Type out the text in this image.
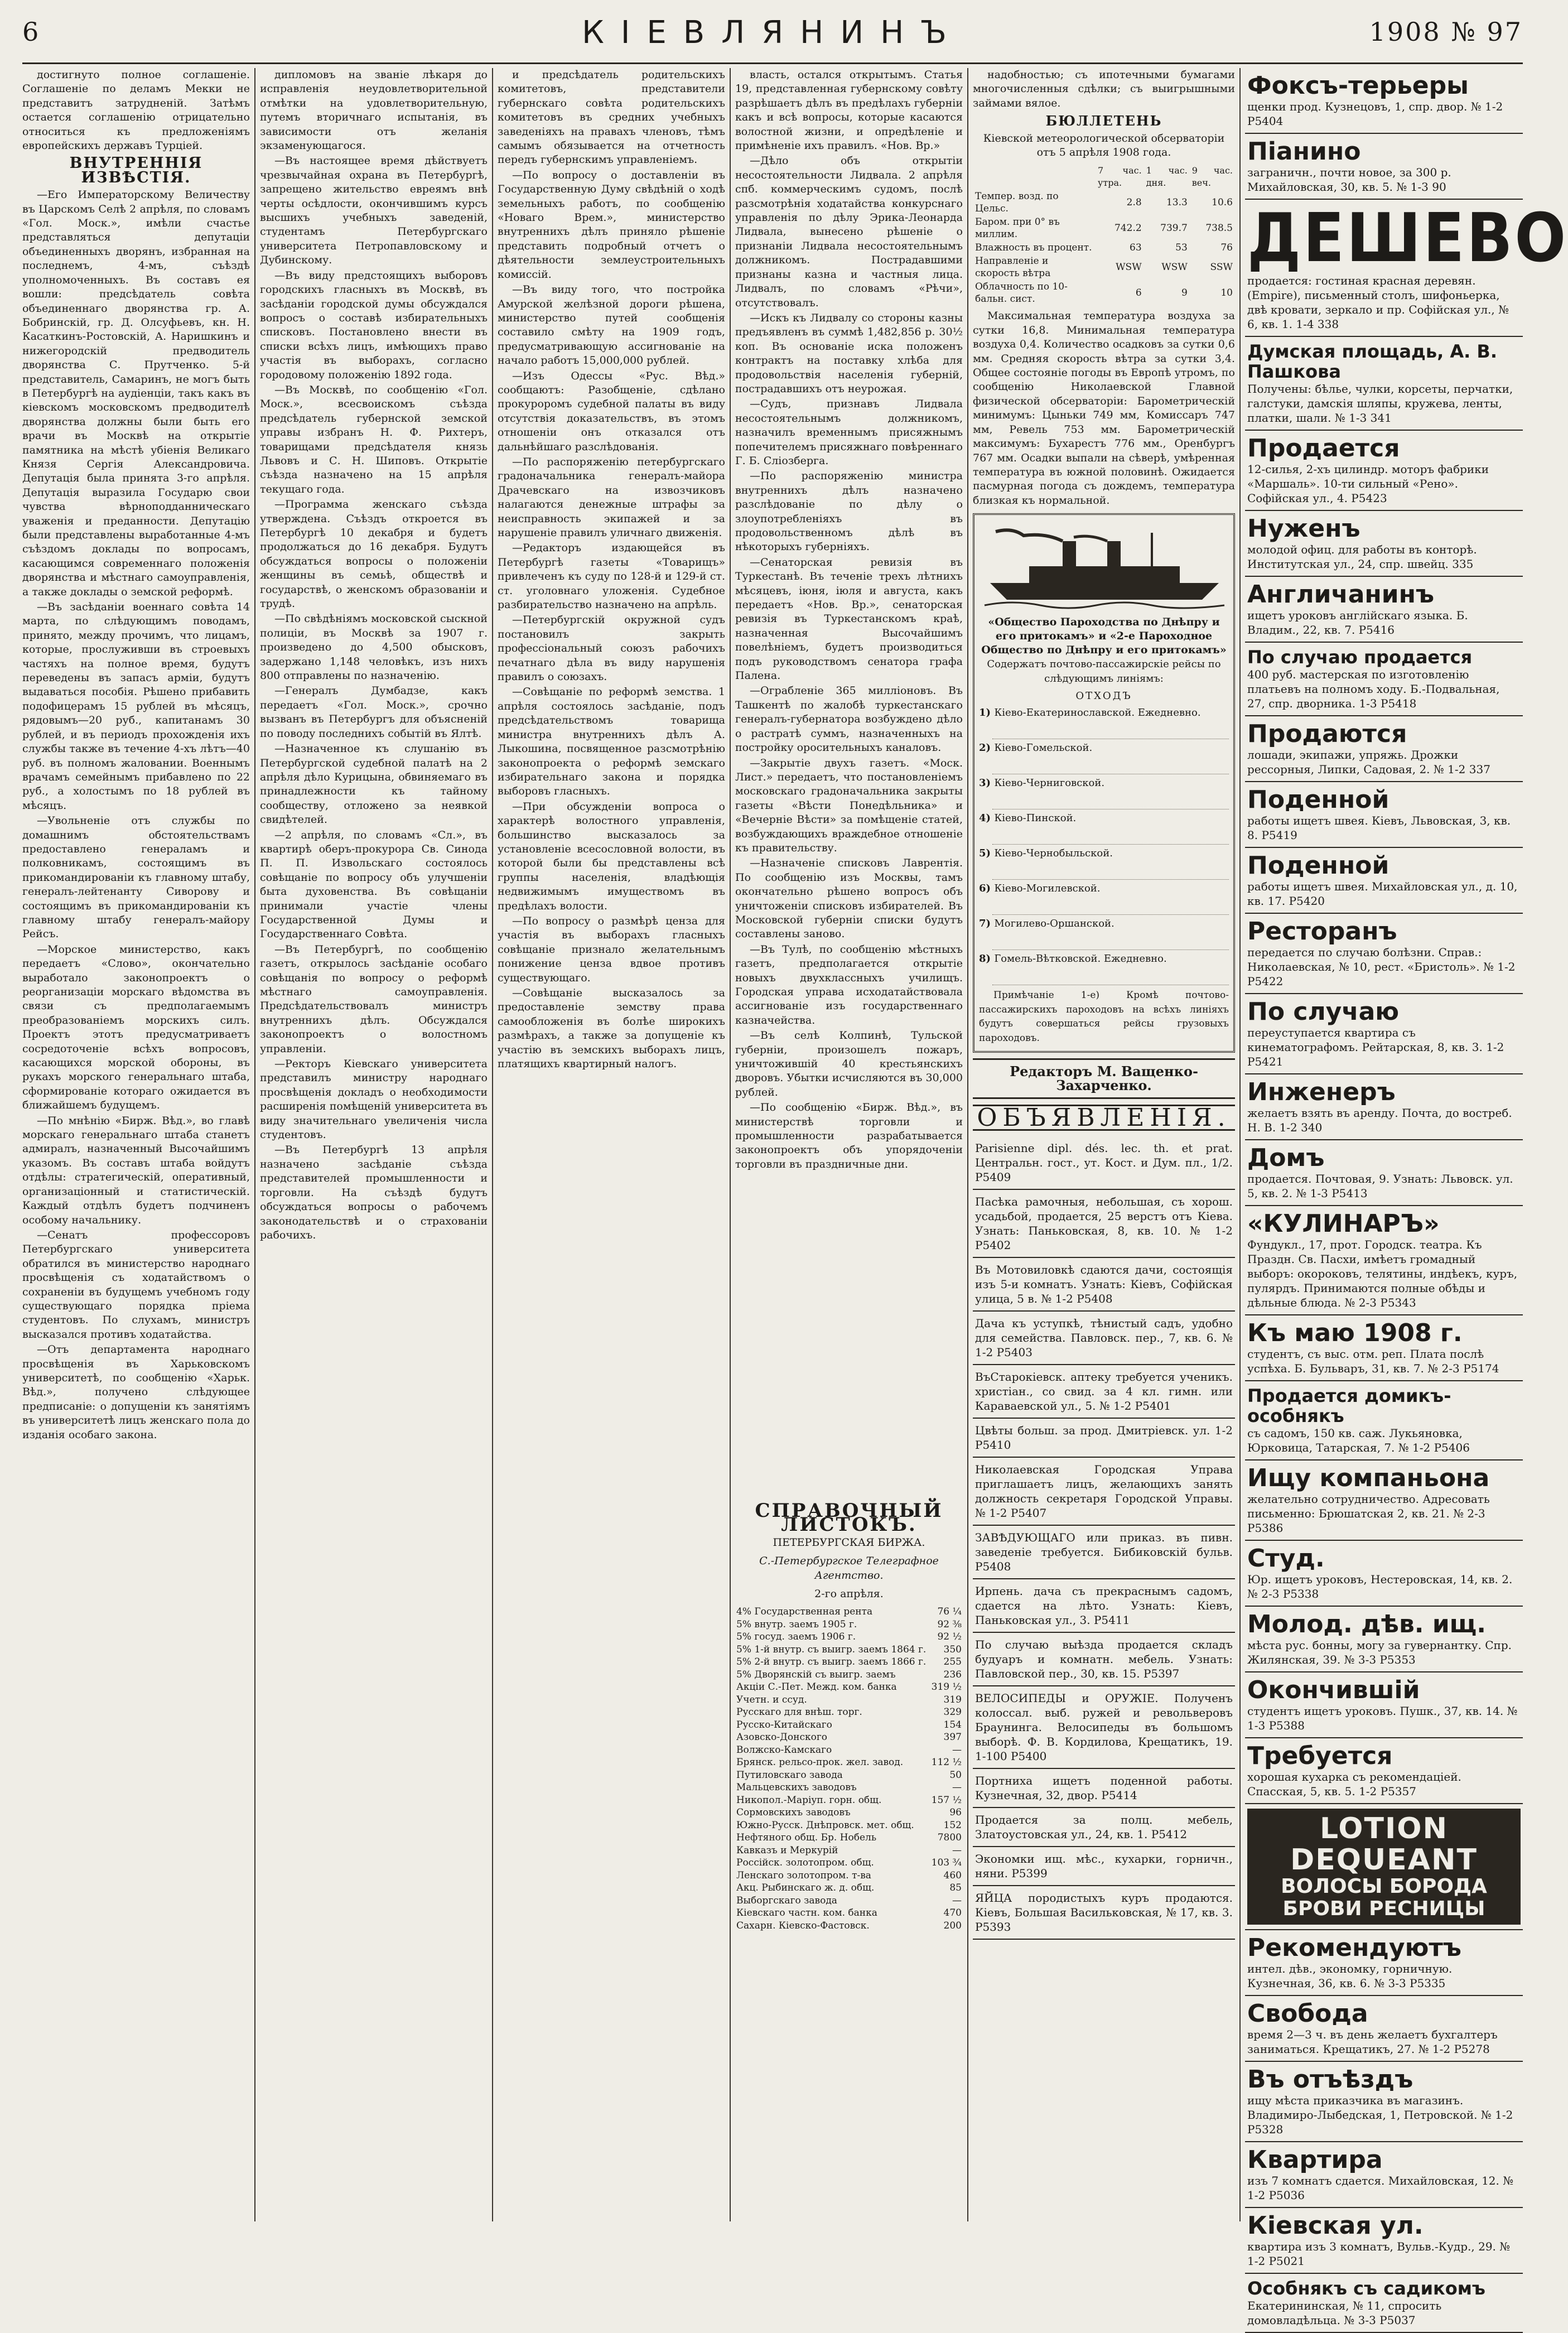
6	КІЕВЛЯНИНЪ	1908 № 97

достигнуто полное соглашеніе. Соглашеніе по деламъ Мекки не представитъ затрудненій. Затѣмъ остается соглашенію отрицательно относиться къ предложеніямъ европейскихъ державъ Турціей.

ВНУТРЕННІЯ ИЗВѢСТІЯ.

—Его Императорскому Величеству въ Царскомъ Селѣ 2 апрѣля, по словамъ «Гол. Моск.», имѣли счастье представляться депутаціи объединенныхъ дворянъ, избранная на последнемъ, 4-мъ, съѣздѣ уполномоченныхъ. Въ составъ ея вошли: предсѣдатель совѣта объединеннаго дворянства гр. А. Бобринскій, гр. Д. Олсуфьевъ, кн. Н. Касаткинъ-Ростовскій, А. Наришкинъ и нижегородскій предводитель дворянства С. Прутченко. 5-й представитель, Самаринъ, не могъ быть в Петербургѣ на аудіенціи, такъ какъ въ кіевскомъ московскомъ предводителѣ дворянства должны были быть его врачи въ Москвѣ на открытіе памятника на мѣстѣ убіенія Великаго Князя Сергія Александровича. Депутація была принята 3-го апрѣля. Депутація выразила Государю свои чувства вѣрноподданническаго уваженія и преданности. Депутацію были представлены выработанные 4-мъ съѣздомъ доклады по вопросамъ, касающимся современнаго положенія дворянства и мѣстнаго самоуправленія, а также доклады о земской реформѣ.

—Въ засѣданіи военнаго совѣта 14 марта, по слѣдующимъ поводамъ, принято, между прочимъ, что лицамъ, которые, прослуживши въ строевыхъ частяхъ на полное время, будутъ переведены въ запасъ арміи, будутъ выдаваться пособія. Рѣшено прибавить подофицерамъ 15 рублей въ мѣсяцъ, рядовымъ—20 руб., капитанамъ 30 рублей, и въ периодъ прохожденія ихъ службы также въ течение 4-хъ лѣтъ—40 руб. въ полномъ жаловании. Военнымъ врачамъ семейнымъ прибавлено по 22 руб., а холостымъ по 18 рублей въ мѣсяцъ.

—Увольненіе отъ службы по домашнимъ обстоятельствамъ предоставлено генераламъ и полковникамъ, состоящимъ въ прикомандированіи къ главному штабу, генералъ-лейтенанту Сиворову и состоящимъ въ прикомандированіи къ главному штабу генералъ-майору Рейсъ.

—Морское министерство, какъ передаетъ «Слово», окончательно выработало законопроектъ о реорганизаціи морскаго вѣдомства въ связи съ предполагаемымъ преобразованіемъ морскихъ силъ. Проектъ этотъ предусматриваетъ сосредоточеніе всѣхъ вопросовъ, касающихся морской обороны, въ рукахъ морского генеральнаго штаба, сформированіе котораго ожидается въ ближайшемъ будущемъ.

—По мнѣнію «Бирж. Вѣд.», во главѣ морскаго генеральнаго штаба станетъ адмиралъ, назначенный Высочайшимъ указомъ. Въ составъ штаба войдутъ отдѣлы: стратегическій, оперативный, организаціонный и статистическій. Каждый отдѣлъ будетъ подчиненъ особому начальнику.

—Сенатъ профессоровъ Петербургскаго университета обратился въ министерство народнаго просвѣщенія съ ходатайствомъ о сохраненіи въ будущемъ учебномъ году существующаго порядка пріема студентовъ. По слухамъ, министръ высказался противъ ходатайства.

—Отъ департамента народнаго просвѣщенія въ Харьковскомъ университетѣ, по сообщенію «Харьк. Вѣд.», получено слѣдующее предписаніе: о допущеніи къ занятіямъ въ университетѣ лицъ женскаго пола до изданія особаго закона.

дипломовъ на званіе лѣкаря до исправленія неудовлетворительной отмѣтки на удовлетворительную, путемъ вторичнаго испытанія, въ зависимости отъ желанія экзаменующагося.

—Въ настоящее время дѣйствуетъ чрезвычайная охрана въ Петербургѣ, запрещено жительство евреямъ внѣ черты осѣдлости, окончившимъ курсъ высшихъ учебныхъ заведеній, студентамъ Петербургскаго университета Петропавловскому и Дубинскому.

—Въ виду предстоящихъ выборовъ городскихъ гласныхъ въ Москвѣ, въ засѣданіи городской думы обсуждался вопросъ о составѣ избирательныхъ списковъ. Постановлено внести въ списки всѣхъ лицъ, имѣющихъ право участія въ выборахъ, согласно городовому положенію 1892 года.

—Въ Москвѣ, по сообщенію «Гол. Моск.», всесвоискомъ съѣзда предсѣдатель губернской земской управы избранъ Н. Ф. Рихтеръ, товарищами предсѣдателя князь Львовъ и С. Н. Шиповъ. Открытіе съѣзда назначено на 15 апрѣля текущаго года.

—Программа женскаго съѣзда утверждена. Съѣздъ откроется въ Петербургѣ 10 декабря и будетъ продолжаться до 16 декабря. Будутъ обсуждаться вопросы о положеніи женщины въ семьѣ, обществѣ и государствѣ, о женскомъ образованіи и трудѣ.

—По свѣдѣніямъ московской сыскной полиціи, въ Москвѣ за 1907 г. произведено до 4,500 обысковъ, задержано 1,148 человѣкъ, изъ нихъ 800 отправлены по назначенію.

—Генералъ Думбадзе, какъ передаетъ «Гол. Моск.», срочно вызванъ въ Петербургъ для объясненій по поводу последнихъ событій въ Ялтѣ.

—Назначенное къ слушанію въ Петербургской судебной палатѣ на 2 апрѣля дѣло Курицына, обвиняемаго въ принадлежности къ тайному сообществу, отложено за неявкой свидѣтелей.

—2 апрѣля, по словамъ «Сл.», въ квартирѣ оберъ-прокурора Св. Синода П. П. Извольскаго состоялось совѣщаніе по вопросу объ улучшеніи быта духовенства. Въ совѣщаніи принимали участіе члены Государственной Думы и Государственнаго Совѣта.

—Въ Петербургѣ, по сообщенію газетъ, открылось засѣданіе особаго совѣщанія по вопросу о реформѣ мѣстнаго самоуправленія. Предсѣдательствовалъ министръ внутреннихъ дѣлъ. Обсуждался законопроектъ о волостномъ управленіи.

—Ректоръ Кіевскаго университета представилъ министру народнаго просвѣщенія докладъ о необходимости расширенія помѣщеній университета въ виду значительнаго увеличенія числа студентовъ.

—Въ Петербургѣ 13 апрѣля назначено засѣданіе съѣзда представителей промышленности и торговли. На съѣздѣ будутъ обсуждаться вопросы о рабочемъ законодательствѣ и о страхованіи рабочихъ.

и предсѣдатель родительскихъ комитетовъ, представители губернскаго совѣта родительскихъ комитетовъ въ средних учебныхъ заведеніяхъ на правахъ членовъ, тѣмъ самымъ обязывается на отчетность передъ губернскимъ управленіемъ.

—По вопросу о доставленіи въ Государственную Думу свѣдѣній о ходѣ земельныхъ работъ, по сообщенію «Новаго Врем.», министерство внутреннихъ дѣлъ приняло рѣшеніе представить подробный отчетъ о дѣятельности землеустроительныхъ комиссій.

—Въ виду того, что постройка Амурской желѣзной дороги рѣшена, министерство путей сообщенія составило смѣту на 1909 годъ, предусматривающую ассигнованіе на начало работъ 15,000,000 рублей.

—Изъ Одессы «Рус. Вѣд.» сообщаютъ: Разобщеніе, сдѣлано прокуроромъ судебной палаты въ виду отсутствія доказательствъ, въ этомъ отношеніи онъ отказался отъ дальнѣйшаго разслѣдованія.

—По распоряженію петербургскаго градоначальника генералъ-майора Драчевскаго на извозчиковъ налагаются денежные штрафы за неисправность экипажей и за нарушеніе правилъ уличнаго движенія.

—Редакторъ издающейся въ Петербургѣ газеты «Товарищъ» привлеченъ къ суду по 128-й и 129-й ст. ст. уголовнаго уложенія. Судебное разбирательство назначено на апрѣль.

—Петербургскій окружной судъ постановилъ закрыть профессіональный союзъ рабочихъ печатнаго дѣла въ виду нарушенія правилъ о союзахъ.

—Совѣщаніе по реформѣ земства. 1 апрѣля состоялось засѣданіе, подъ предсѣдательствомъ товарища министра внутреннихъ дѣлъ А. Лыкошина, посвященное разсмотрѣнію законопроекта о реформѣ земскаго избирательнаго закона и порядка выборовъ гласныхъ.

—При обсужденіи вопроса о характерѣ волостного управленія, большинство высказалось за установленіе всесословной волости, въ которой были бы представлены всѣ группы населенія, владѣющія недвижимымъ имуществомъ въ предѣлахъ волости.

—По вопросу о размѣрѣ ценза для участія въ выборахъ гласныхъ совѣщаніе признало желательнымъ понижение ценза вдвое противъ существующаго.

—Совѣщаніе высказалось за предоставленіе земству права самообложенія въ болѣе широкихъ размѣрахъ, а также за допущеніе къ участію въ земскихъ выборахъ лицъ, платящихъ квартирный налогъ.

власть, остался открытымъ. Статья 19, представленная губернскому совѣту разрѣшаетъ дѣлъ въ предѣлахъ губерніи какъ и всѣ вопросы, которые касаются волостной жизни, и опредѣленіе и примѣненіе ихъ правилъ. «Нов. Вр.»

—Дѣло объ открытіи несостоятельности Лидвала. 2 апрѣля спб. коммерческимъ судомъ, послѣ разсмотрѣнія ходатайства конкурснаго управленія по дѣлу Эрика-Леонарда Лидвала, вынесено рѣшеніе о признаніи Лидвала несостоятельнымъ должникомъ. Пострадавшими признаны казна и частныя лица. Лидвалъ, по словамъ «Рѣчи», отсутствовалъ.

—Искъ къ Лидвалу со стороны казны предъявленъ въ суммѣ 1,482,856 р. 30½ коп. Въ основаніе иска положенъ контрактъ на поставку хлѣба для продовольствія населенія губерній, пострадавшихъ отъ неурожая.

—Судъ, признавъ Лидвала несостоятельнымъ должникомъ, назначилъ временнымъ присяжнымъ попечителемъ присяжнаго повѣреннаго Г. Б. Сліозберга.

—По распоряженію министра внутреннихъ дѣлъ назначено разслѣдованіе по дѣлу о злоупотребленіяхъ въ продовольственномъ дѣлѣ въ нѣкоторыхъ губерніяхъ.

—Сенаторская ревизія въ Туркестанѣ. Въ теченіе трехъ лѣтнихъ мѣсяцевъ, іюня, іюля и августа, какъ передаетъ «Нов. Вр.», сенаторская ревизія въ Туркестанскомъ краѣ, назначенная Высочайшимъ повелѣніемъ, будетъ производиться подъ руководствомъ сенатора графа Палена.

—Ограбленіе 365 милліоновъ. Въ Ташкентѣ по жалобѣ туркестанскаго генералъ-губернатора возбуждено дѣло о растратѣ суммъ, назначенныхъ на постройку оросительныхъ каналовъ.

—Закрытіе двухъ газетъ. «Моск. Лист.» передаетъ, что постановленіемъ московскаго градоначальника закрыты газеты «Вѣсти Понедѣльника» и «Вечерніе Вѣсти» за помѣщеніе статей, возбуждающихъ враждебное отношеніе къ правительству.

—Назначеніе списковъ Лаврентія. По сообщенію изъ Москвы, тамъ окончательно рѣшено вопросъ объ уничтоженіи списковъ избирателей. Въ Московской губерніи списки будутъ составлены заново.

—Въ Тулѣ, по сообщенію мѣстныхъ газетъ, предполагается открытіе новыхъ двухклассныхъ училищъ. Городская управа исходатайствовала ассигнованіе изъ государственнаго казначейства.

—Въ селѣ Колпинѣ, Тульской губерніи, произошелъ пожаръ, уничтожившій 40 крестьянскихъ дворовъ. Убытки исчисляются въ 30,000 рублей.

—По сообщенію «Бирж. Вѣд.», въ министерствѣ торговли и промышленности разрабатывается законопроектъ объ упорядоченіи торговли въ праздничные дни.

СПРАВОЧНЫЙ ЛИСТОКЪ.
ПЕТЕРБУРГСКАЯ БИРЖА.
С.-Петербургское Телеграфное Агентство.
2-го апрѣля.
4% Государственная рента	76 ¼
5% внутр. заемъ 1905 г.	92 ⅜
5% госуд. заемъ 1906 г.	92 ½
5% 1-й внутр. съ выигр. заемъ 1864 г.	350
5% 2-й внутр. съ выигр. заемъ 1866 г.	255
5% Дворянскій съ выигр. заемъ	236
Акціи С.-Пет. Межд. ком. банка	319 ½
Учетн. и ссуд.	319
Русскаго для внѣш. торг.	329
Русско-Китайскаго	154
Азовско-Донского	397
Волжско-Камскаго	—
Брянск. рельсо-прок. жел. завод.	112 ½
Путиловскаго завода	50
Мальцевскихъ заводовъ	—
Никопол.-Маріуп. горн. общ.	157 ½
Сормовскихъ заводовъ	96
Южно-Русск. Днѣпровск. мет. общ.	152
Нефтяного общ. Бр. Нобель	7800
Кавказъ и Меркурій	—
Россійск. золотопром. общ.	103 ¾
Ленскаго золотопром. т-ва	460
Акц. Рыбинскаго ж. д. общ.	85
Выборгскаго завода	—
Кіевскаго частн. ком. банка	470
Сахарн. Кіевско-Фастовск.	200

надобностью; съ ипотечными бумагами многочисленныя сдѣлки; съ выигрышными займами вялое.

БЮЛЛЕТЕНЬ
Кіевской метеорологической обсерваторіи отъ 5 апрѣля 1908 года.
	7 час. утра.	1 час. дня.	9 час. веч.
Темпер. возд. по Цельс.	2.8	13.3	10.6
Баром. при 0° въ миллим.	742.2	739.7	738.5
Влажность въ процент.	63	53	76
Направленіе и скорость вѣтра	WSW	WSW	SSW
Облачность по 10-бальн. сист.	6	9	10

Максимальная температура воздуха за сутки 16,8. Минимальная температура воздуха 0,4. Количество осадковъ за сутки 0,6 мм. Средняя скорость вѣтра за сутки 3,4. Общее состояніе погоды въ Европѣ утромъ, по сообщенію Николаевской Главной физической обсерваторіи: Барометрическій минимумъ: Цыньки 749 мм, Комиссаръ 747 мм, Ревель 753 мм. Барометрическій максимумъ: Бухарестъ 776 мм., Оренбургъ 767 мм. Осадки выпали на сѣверѣ, умѣренная температура въ южной половинѣ. Ожидается пасмурная погода съ дождемъ, температура близкая къ нормальной.

«Общество Пароходства по Днѣпру и его притокамъ» и «2-е Пароходное Общество по Днѣпру и его притокамъ»
Содержатъ почтово-пассажирскіе рейсы по слѣдующимъ линіямъ:
ОТХОДЪ
1) Кіево-Екатеринославской. Ежедневно.
2) Кіево-Гомельской.
3) Кіево-Черниговской.
4) Кіево-Пинской.
5) Кіево-Чернобыльской.
6) Кіево-Могилевской.
7) Могилево-Оршанской.
8) Гомель-Вѣтковской. Ежедневно.

Примѣчаніе 1-е) Кромѣ почтово-пассажирскихъ пароходовъ на всѣхъ линіяхъ будутъ совершаться рейсы грузовыхъ пароходовъ.

Редакторъ М. Ващенко-Захарченко.
ОБЪЯВЛЕНІЯ.
Parisienne dipl. dés. lec. th. et prat. Центральн. гост., ут. Кост. и Дум. пл., 1/2. Р5409
Пасѣка рамочныя, небольшая, съ хорош. усадьбой, продается, 25 верстъ отъ Кіева. Узнать: Паньковская, 8, кв. 10. № 1-2 Р5402
Въ Мотовиловкѣ сдаются дачи, состоящія изъ 5-и комнатъ. Узнать: Кіевъ, Софійская улица, 5 в. № 1-2 Р5408
Дача къ уступкѣ, тѣнистый садъ, удобно для семейства. Павловск. пер., 7, кв. 6. № 1-2 Р5403
ВъСтарокіевск. аптеку требуется ученикъ. христіан., со свид. за 4 кл. гимн. или Караваевской ул., 5. № 1-2 Р5401
Цвѣты больш. за прод. Дмитріевск. ул. 1-2 Р5410
Николаевская Городская Управа приглашаетъ лицъ, желающихъ занять должность секретаря Городской Управы. № 1-2 Р5407
ЗАВѢДУЮЩАГО или приказ. въ пивн. заведеніе требуется. Бибиковскій бульв. Р5408
Ирпень. дача съ прекраснымъ садомъ, сдается на лѣто. Узнать: Кіевъ, Паньковская ул., 3. Р5411
По случаю выѣзда продается складъ будуаръ и комнатн. мебель. Узнать: Павловской пер., 30, кв. 15. Р5397
ВЕЛОСИПЕДЫ и ОРУЖІЕ. Полученъ колоссал. выб. ружей и револьверовъ Браунинга. Велосипеды въ большомъ выборѣ. Ф. В. Кордилова, Крещатикъ, 19. 1-100 Р5400
Портниха ищетъ поденной работы. Кузнечная, 32, двор. Р5414
Продается за полц. мебель, Златоустовская ул., 24, кв. 1. Р5412
Экономки ищ. мѣс., кухарки, горничн., няни. Р5399
ЯЙЦА породистыхъ куръ продаются. Кіевъ, Большая Васильковская, № 17, кв. 3. Р5393
Фоксъ-терьеры
щенки прод. Кузнецовъ, 1, спр. двор. № 1-2 Р5404
Піанино
заграничн., почти новое, за 300 р. Михайловская, 30, кв. 5. № 1-3 90
ДЕШЕВО
продается: гостиная красная деревян. (Empire), письменный столъ, шифоньерка, двѣ кровати, зеркало и пр. Софійская ул., № 6, кв. 1. 1-4 338
Думская площадь, А. В. Пашкова
Получены: бѣлье, чулки, корсеты, перчатки, галстуки, дамскія шляпы, кружева, ленты, платки, шали. № 1-3 341
Продается
12-силья, 2-хъ цилиндр. моторъ фабрики «Маршаль». 10-ти сильный «Рено». Софійская ул., 4. Р5423
Нуженъ
молодой офиц. для работы въ конторѣ. Институтская ул., 24, спр. швейц. 335
Англичанинъ
ищетъ уроковъ англійскаго языка. Б. Владим., 22, кв. 7. Р5416
По случаю продается
400 руб. мастерская по изготовленію платьевъ на полномъ ходу. Б.-Подвальная, 27, спр. дворника. 1-3 Р5418
Продаются
лошади, экипажи, упряжь. Дрожки рессорныя, Липки, Садовая, 2. № 1-2 337
Поденной
работы ищетъ швея. Кіевъ, Львовская, 3, кв. 8. Р5419
Поденной
работы ищетъ швея. Михайловская ул., д. 10, кв. 17. Р5420
Ресторанъ
передается по случаю болѣзни. Справ.: Николаевская, № 10, рест. «Бристоль». № 1-2 Р5422
По случаю
переуступается квартира съ кинематографомъ. Рейтарская, 8, кв. 3. 1-2 Р5421
Инженеръ
желаетъ взять въ аренду. Почта, до востреб. Н. В. 1-2 340
Домъ
продается. Почтовая, 9. Узнать: Львовск. ул. 5, кв. 2. № 1-3 Р5413
«КУЛИНАРЪ»
Фундукл., 17, прот. Городск. театра. Къ Праздн. Св. Пасхи, имѣетъ громадный выборъ: окороковъ, телятины, индѣекъ, куръ, пулярдъ. Принимаются полные обѣды и дѣльные блюда. № 2-3 Р5343
Къ маю 1908 г.
студентъ, съ выс. отм. реп. Плата послѣ успѣха. Б. Бульваръ, 31, кв. 7. № 2-3 Р5174
Продается домикъ-особнякъ
съ садомъ, 150 кв. саж. Лукьяновка, Юрковица, Татарская, 7. № 1-2 Р5406
Ищу компаньона
желательно сотрудничество. Адресовать письменно: Брюшатская 2, кв. 21. № 2-3 Р5386
Студ.
Юр. ищетъ уроковъ, Нестеровская, 14, кв. 2. № 2-3 Р5338
Молод. дѣв. ищ.
мѣста рус. бонны, могу за гувернантку. Спр. Жилянская, 39. № 3-3 Р5353
Окончившій
студентъ ищетъ уроковъ. Пушк., 37, кв. 14. № 1-3 Р5388
Требуется
хорошая кухарка съ рекомендаціей. Спасская, 5, кв. 5. 1-2 Р5357
LOTION DEQUEANT
ВОЛОСЫ БОРОДА БРОВИ РЕСНИЦЫ
Рекомендуютъ
интел. дѣв., экономку, горничную. Кузнечная, 36, кв. 6. № 3-3 Р5335
Свобода
время 2—3 ч. въ день желаетъ бухгалтеръ заниматься. Крещатикъ, 27. № 1-2 Р5278
Въ отъѣздъ
ищу мѣста приказчика въ магазинъ. Владимиро-Лыбедская, 1, Петровской. № 1-2 Р5328
Квартира
изъ 7 комнатъ сдается. Михайловская, 12. № 1-2 Р5036
Кіевская ул.
квартира изъ 3 комнатъ, Вульв.-Кудр., 29. № 1-2 Р5021
Особнякъ съ садикомъ
Екатерининская, № 11, спросить домовладѣльца. № 3-3 Р5037
